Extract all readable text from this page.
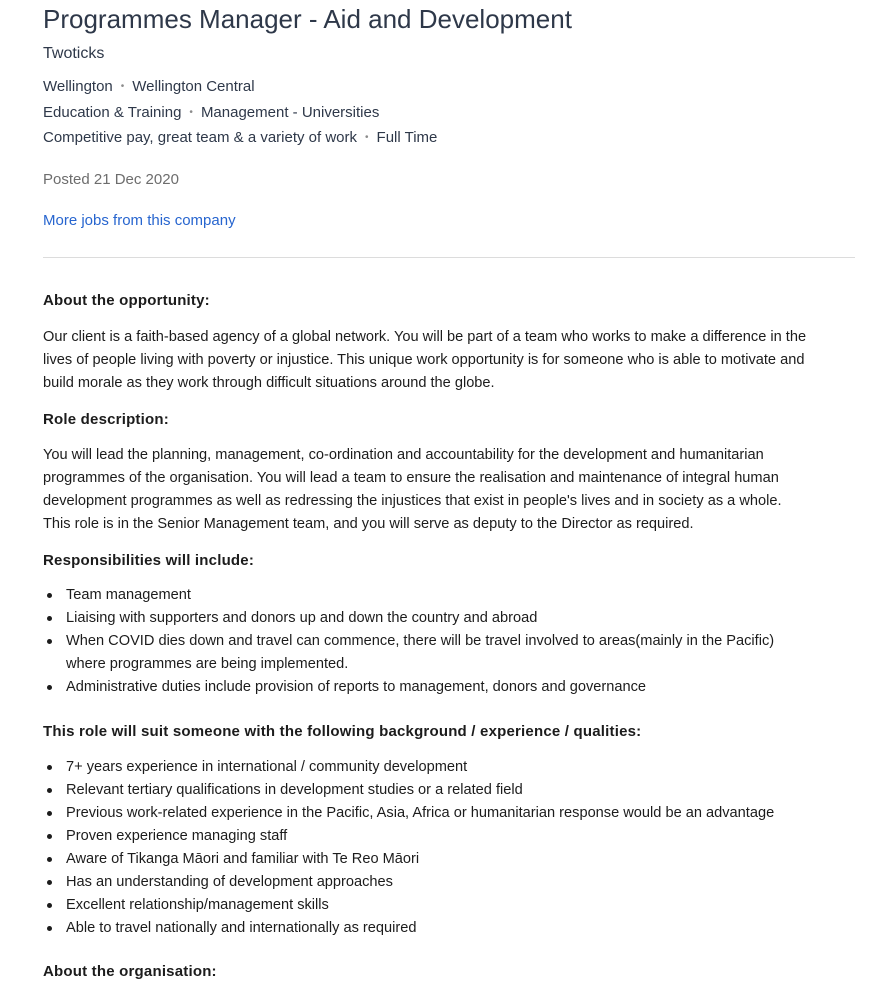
Programmes Manager - Aid and Development
Twoticks
Wellington • Wellington Central
Education & Training • Management - Universities
Competitive pay, great team & a variety of work • Full Time
Posted 21 Dec 2020
More jobs from this company
About the opportunity:
Our client is a faith-based agency of a global network. You will be part of a team who works to make a difference in the
lives of people living with poverty or injustice. This unique work opportunity is for someone who is able to motivate and
build morale as they work through difficult situations around the globe.
Role description:
You will lead the planning, management, co-ordination and accountability for the development and humanitarian
programmes of the organisation. You will lead a team to ensure the realisation and maintenance of integral human
development programmes as well as redressing the injustices that exist in people's lives and in society as a whole.
This role is in the Senior Management team, and you will serve as deputy to the Director as required.
Responsibilities will include:
Team management
Liaising with supporters and donors up and down the country and abroad
When COVID dies down and travel can commence, there will be travel involved to areas(mainly in the Pacific)
where programmes are being implemented.
Administrative duties include provision of reports to management, donors and governance
This role will suit someone with the following background / experience / qualities:
7+ years experience in international / community development
Relevant tertiary qualifications in development studies or a related field
Previous work-related experience in the Pacific, Asia, Africa or humanitarian response would be an advantage
Proven experience managing staff
Aware of Tikanga Māori and familiar with Te Reo Māori
Has an understanding of development approaches
Excellent relationship/management skills
Able to travel nationally and internationally as required
About the organisation:
